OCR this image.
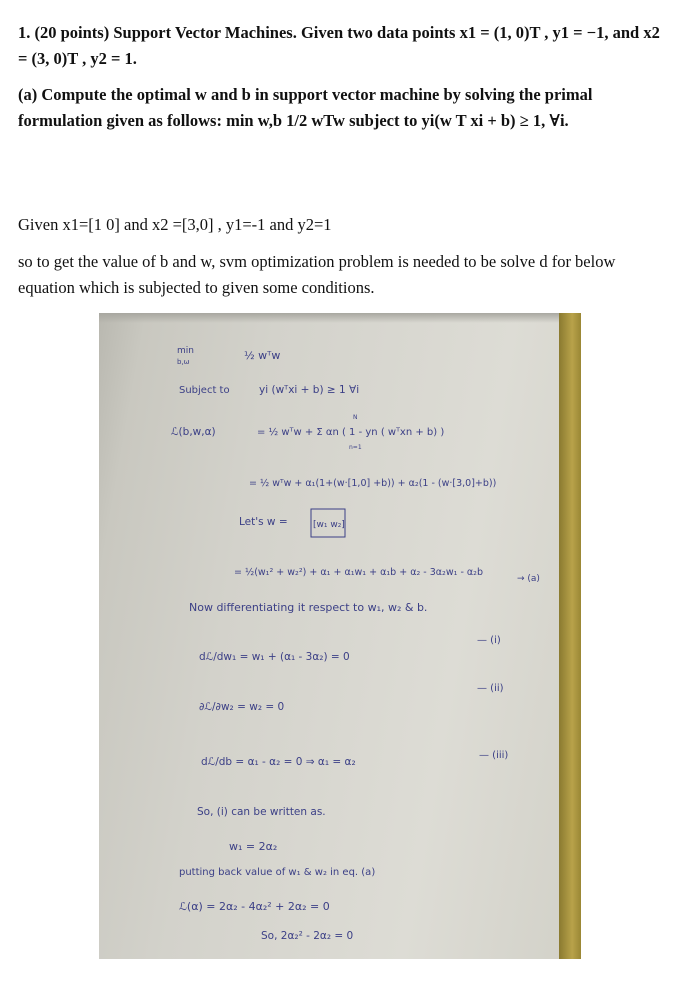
1. (20 points) Support Vector Machines. Given two data points x1 = (1, 0)T , y1 = −1, and x2 = (3, 0)T , y2 = 1.

(a) Compute the optimal w and b in support vector machine by solving the primal formulation given as follows: min w,b 1/2 wTw subject to yi(w T xi + b) ≥ 1, ∀i.

Given x1=[1 0] and x2 =[3,0] , y1=-1 and y2=1

so to get the value of b and w, svm optimization problem is needed to be solve d for below equation which is subjected to given some conditions.

min
b,ω	½ wᵀw
Subject to	yi (wᵀxi + b) ≥ 1 ∀i
ℒ(b,w,α)	= ½ wᵀw + Σ αn ( 1 - yn ( wᵀxn + b) )
N
n=1
= ½ wᵀw + α₁(1+(w·[1,0] +b)) + α₂(1 - (w·[3,0]+b))
Let's w =	[w₁ w₂]
= ½(w₁² + w₂²) + α₁ + α₁w₁ + α₁b + α₂ - 3α₂w₁ - α₂b
→ (a)
Now differentiating it respect to w₁, w₂ & b.
dℒ/dw₁ = w₁ + (α₁ - 3α₂) = 0
— (i)
∂ℒ/∂w₂ = w₂ = 0
— (ii)
dℒ/db = α₁ - α₂ = 0 ⇒ α₁ = α₂
— (iii)
So, (i) can be written as.
w₁ = 2α₂
putting back value of w₁ & w₂ in eq. (a)
ℒ(α) = 2α₂ - 4α₂² + 2α₂ = 0
So, 2α₂² - 2α₂ = 0
